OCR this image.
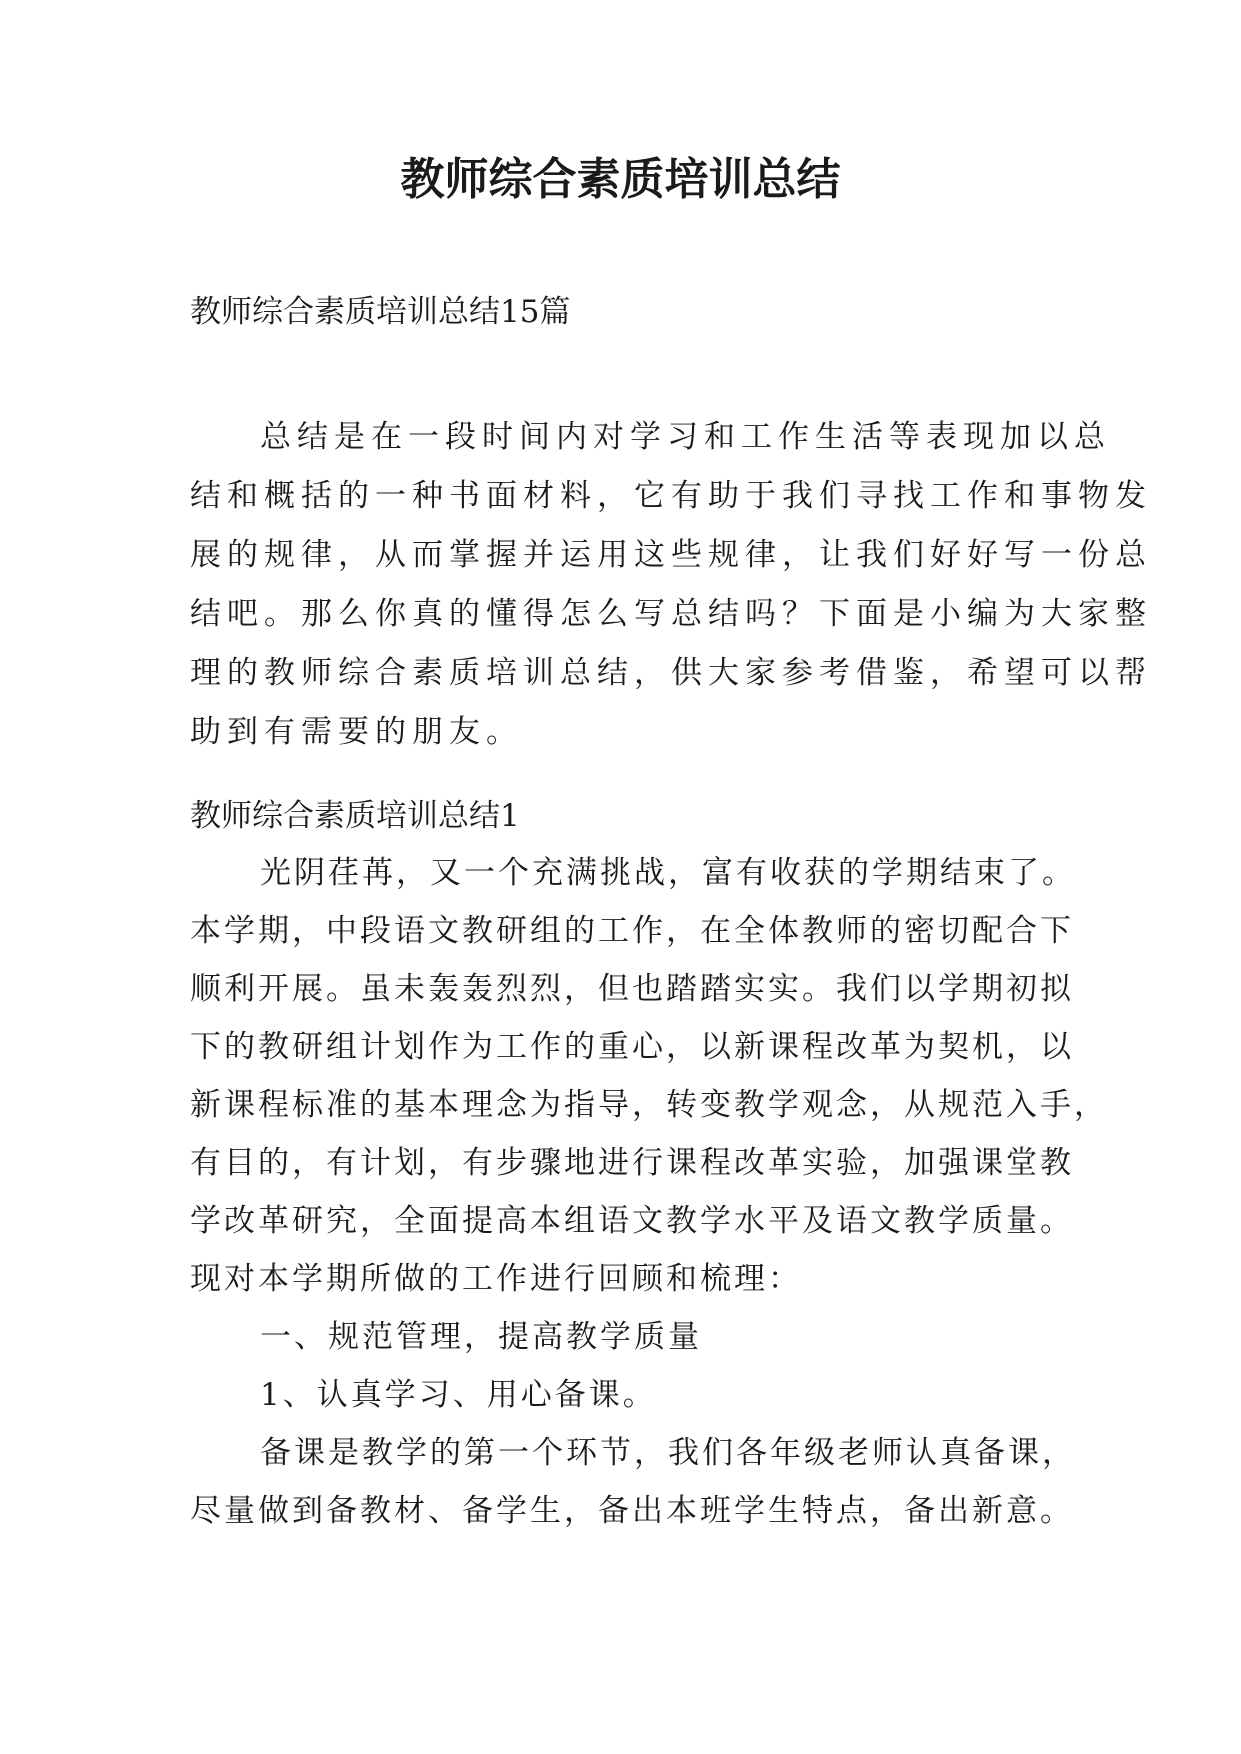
教师综合素质培训总结

教师综合素质培训总结15篇

总结是在一段时间内对学习和工作生活等表现加以总
结和概括的一种书面材料，它有助于我们寻找工作和事物发
展的规律，从而掌握并运用这些规律，让我们好好写一份总
结吧。那么你真的懂得怎么写总结吗？下面是小编为大家整
理的教师综合素质培训总结，供大家参考借鉴，希望可以帮
助到有需要的朋友。

教师综合素质培训总结1

光阴荏苒，又一个充满挑战，富有收获的学期结束了。
本学期，中段语文教研组的工作，在全体教师的密切配合下
顺利开展。虽未轰轰烈烈，但也踏踏实实。我们以学期初拟
下的教研组计划作为工作的重心，以新课程改革为契机，以
新课程标准的基本理念为指导，转变教学观念，从规范入手，
有目的，有计划，有步骤地进行课程改革实验，加强课堂教
学改革研究，全面提高本组语文教学水平及语文教学质量。
现对本学期所做的工作进行回顾和梳理：
一、规范管理，提高教学质量
1、认真学习、用心备课。
备课是教学的第一个环节，我们各年级老师认真备课，
尽量做到备教材、备学生，备出本班学生特点，备出新意。
